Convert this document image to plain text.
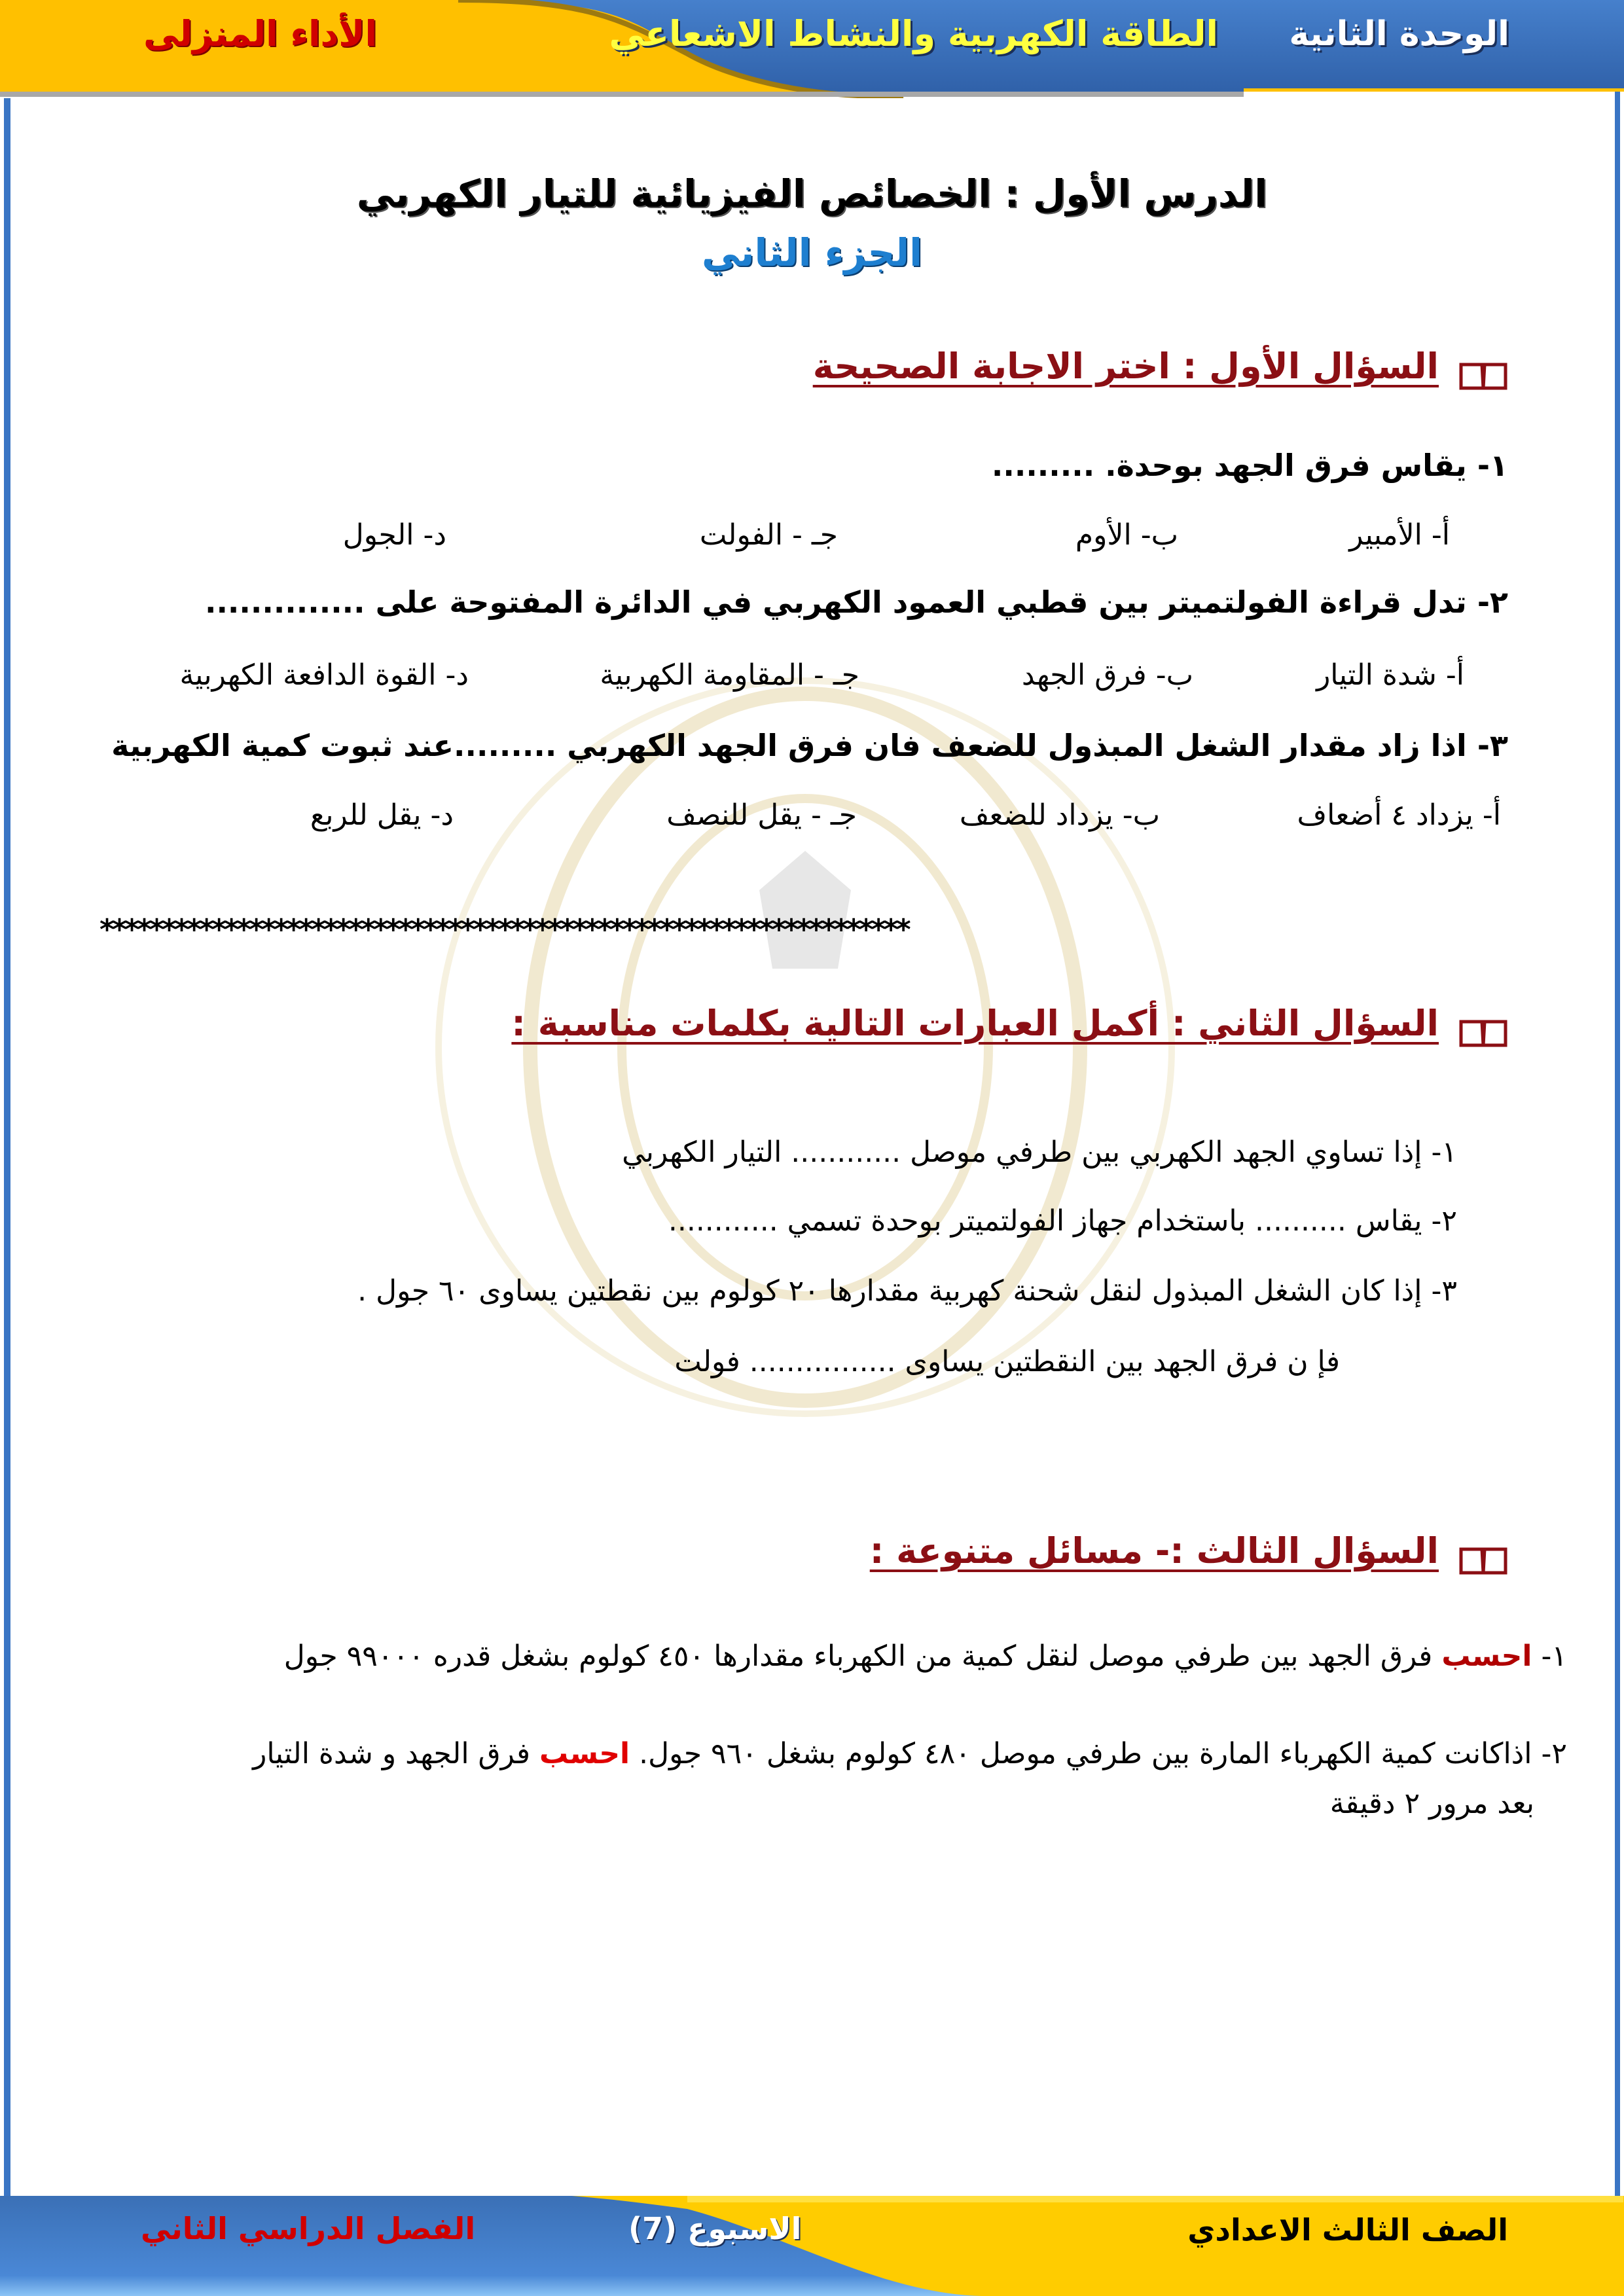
الوحدة الثانية
الطاقة الكهربية والنشاط الاشعاعي
الأداء المنزلى
الدرس الأول : الخصائص الفيزيائية للتيار الكهربي
الجزء الثاني
السؤال الأول : اختر الاجابة الصحيحة
١- يقاس فرق الجهد بوحدة. .........
أ- الأمبير
ب- الأوم
جـ - الفولت
د- الجول
٢- تدل قراءة الفولتميتر بين قطبي العمود الكهربي في الدائرة المفتوحة على ..............
أ- شدة التيار
ب- فرق الجهد
جـ - المقاومة الكهربية
د- القوة الدافعة الكهربية
٣- اذا زاد مقدار الشغل المبذول للضعف فان فرق الجهد الكهربي .........عند ثبوت كمية الكهربية
أ- يزداد ٤ أضعاف
ب- يزداد للضعف
جـ - يقل للنصف
د- يقل للربع
*****************************************************************
السؤال الثاني : أكمل العبارات التالية بكلمات مناسبة :
١- إذا تساوي الجهد الكهربي بين طرفي موصل ............ التيار الكهربي
٢- يقاس .......... باستخدام جهاز الفولتميتر بوحدة تسمي ............
٣- إذا كان الشغل المبذول لنقل شحنة كهربية مقدارها ٢٠ كولوم بين نقطتين يساوى ٦٠ جول .
فإ ن فرق الجهد بين النقطتين يساوى ................ فولت
السؤال الثالث :- مسائل متنوعة :
١- احسب فرق الجهد بين طرفي موصل لنقل كمية من الكهرباء مقدارها ٤٥٠ كولوم بشغل قدره ٩٩٠٠٠ جول
٢- اذاكانت كمية الكهرباء المارة بين طرفي موصل ٤٨٠ كولوم بشغل ٩٦٠ جول. احسب فرق الجهد و شدة التيار
بعد مرور ٢ دقيقة
الصف الثالث الاعدادي
الاسبوع (7)
الفصل الدراسي الثاني
